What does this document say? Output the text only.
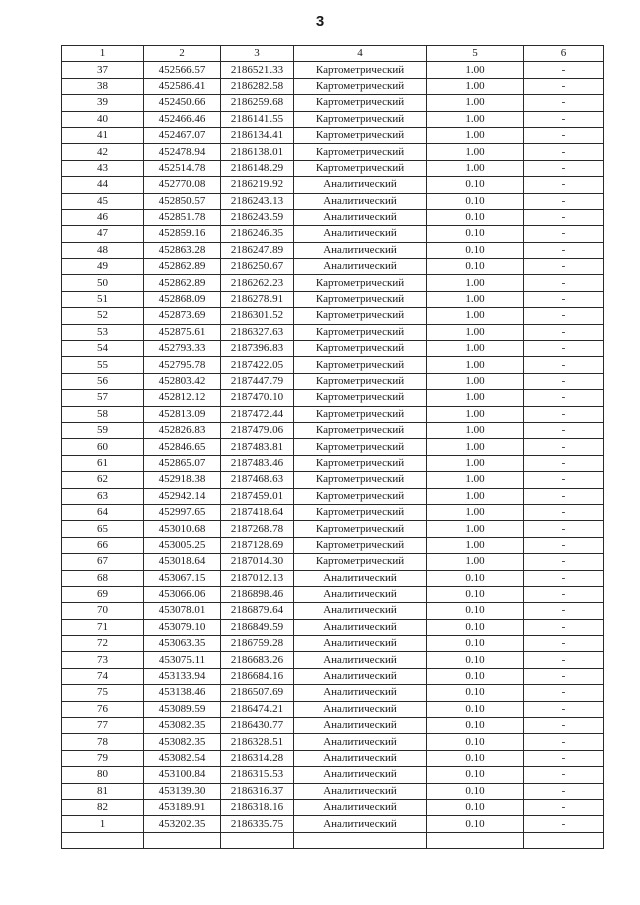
3
1	2	3	4	5	6
37	452566.57	2186521.33	Картометрический	1.00	-
38	452586.41	2186282.58	Картометрический	1.00	-
39	452450.66	2186259.68	Картометрический	1.00	-
40	452466.46	2186141.55	Картометрический	1.00	-
41	452467.07	2186134.41	Картометрический	1.00	-
42	452478.94	2186138.01	Картометрический	1.00	-
43	452514.78	2186148.29	Картометрический	1.00	-
44	452770.08	2186219.92	Аналитический	0.10	-
45	452850.57	2186243.13	Аналитический	0.10	-
46	452851.78	2186243.59	Аналитический	0.10	-
47	452859.16	2186246.35	Аналитический	0.10	-
48	452863.28	2186247.89	Аналитический	0.10	-
49	452862.89	2186250.67	Аналитический	0.10	-
50	452862.89	2186262.23	Картометрический	1.00	-
51	452868.09	2186278.91	Картометрический	1.00	-
52	452873.69	2186301.52	Картометрический	1.00	-
53	452875.61	2186327.63	Картометрический	1.00	-
54	452793.33	2187396.83	Картометрический	1.00	-
55	452795.78	2187422.05	Картометрический	1.00	-
56	452803.42	2187447.79	Картометрический	1.00	-
57	452812.12	2187470.10	Картометрический	1.00	-
58	452813.09	2187472.44	Картометрический	1.00	-
59	452826.83	2187479.06	Картометрический	1.00	-
60	452846.65	2187483.81	Картометрический	1.00	-
61	452865.07	2187483.46	Картометрический	1.00	-
62	452918.38	2187468.63	Картометрический	1.00	-
63	452942.14	2187459.01	Картометрический	1.00	-
64	452997.65	2187418.64	Картометрический	1.00	-
65	453010.68	2187268.78	Картометрический	1.00	-
66	453005.25	2187128.69	Картометрический	1.00	-
67	453018.64	2187014.30	Картометрический	1.00	-
68	453067.15	2187012.13	Аналитический	0.10	-
69	453066.06	2186898.46	Аналитический	0.10	-
70	453078.01	2186879.64	Аналитический	0.10	-
71	453079.10	2186849.59	Аналитический	0.10	-
72	453063.35	2186759.28	Аналитический	0.10	-
73	453075.11	2186683.26	Аналитический	0.10	-
74	453133.94	2186684.16	Аналитический	0.10	-
75	453138.46	2186507.69	Аналитический	0.10	-
76	453089.59	2186474.21	Аналитический	0.10	-
77	453082.35	2186430.77	Аналитический	0.10	-
78	453082.35	2186328.51	Аналитический	0.10	-
79	453082.54	2186314.28	Аналитический	0.10	-
80	453100.84	2186315.53	Аналитический	0.10	-
81	453139.30	2186316.37	Аналитический	0.10	-
82	453189.91	2186318.16	Аналитический	0.10	-
1	453202.35	2186335.75	Аналитический	0.10	-
